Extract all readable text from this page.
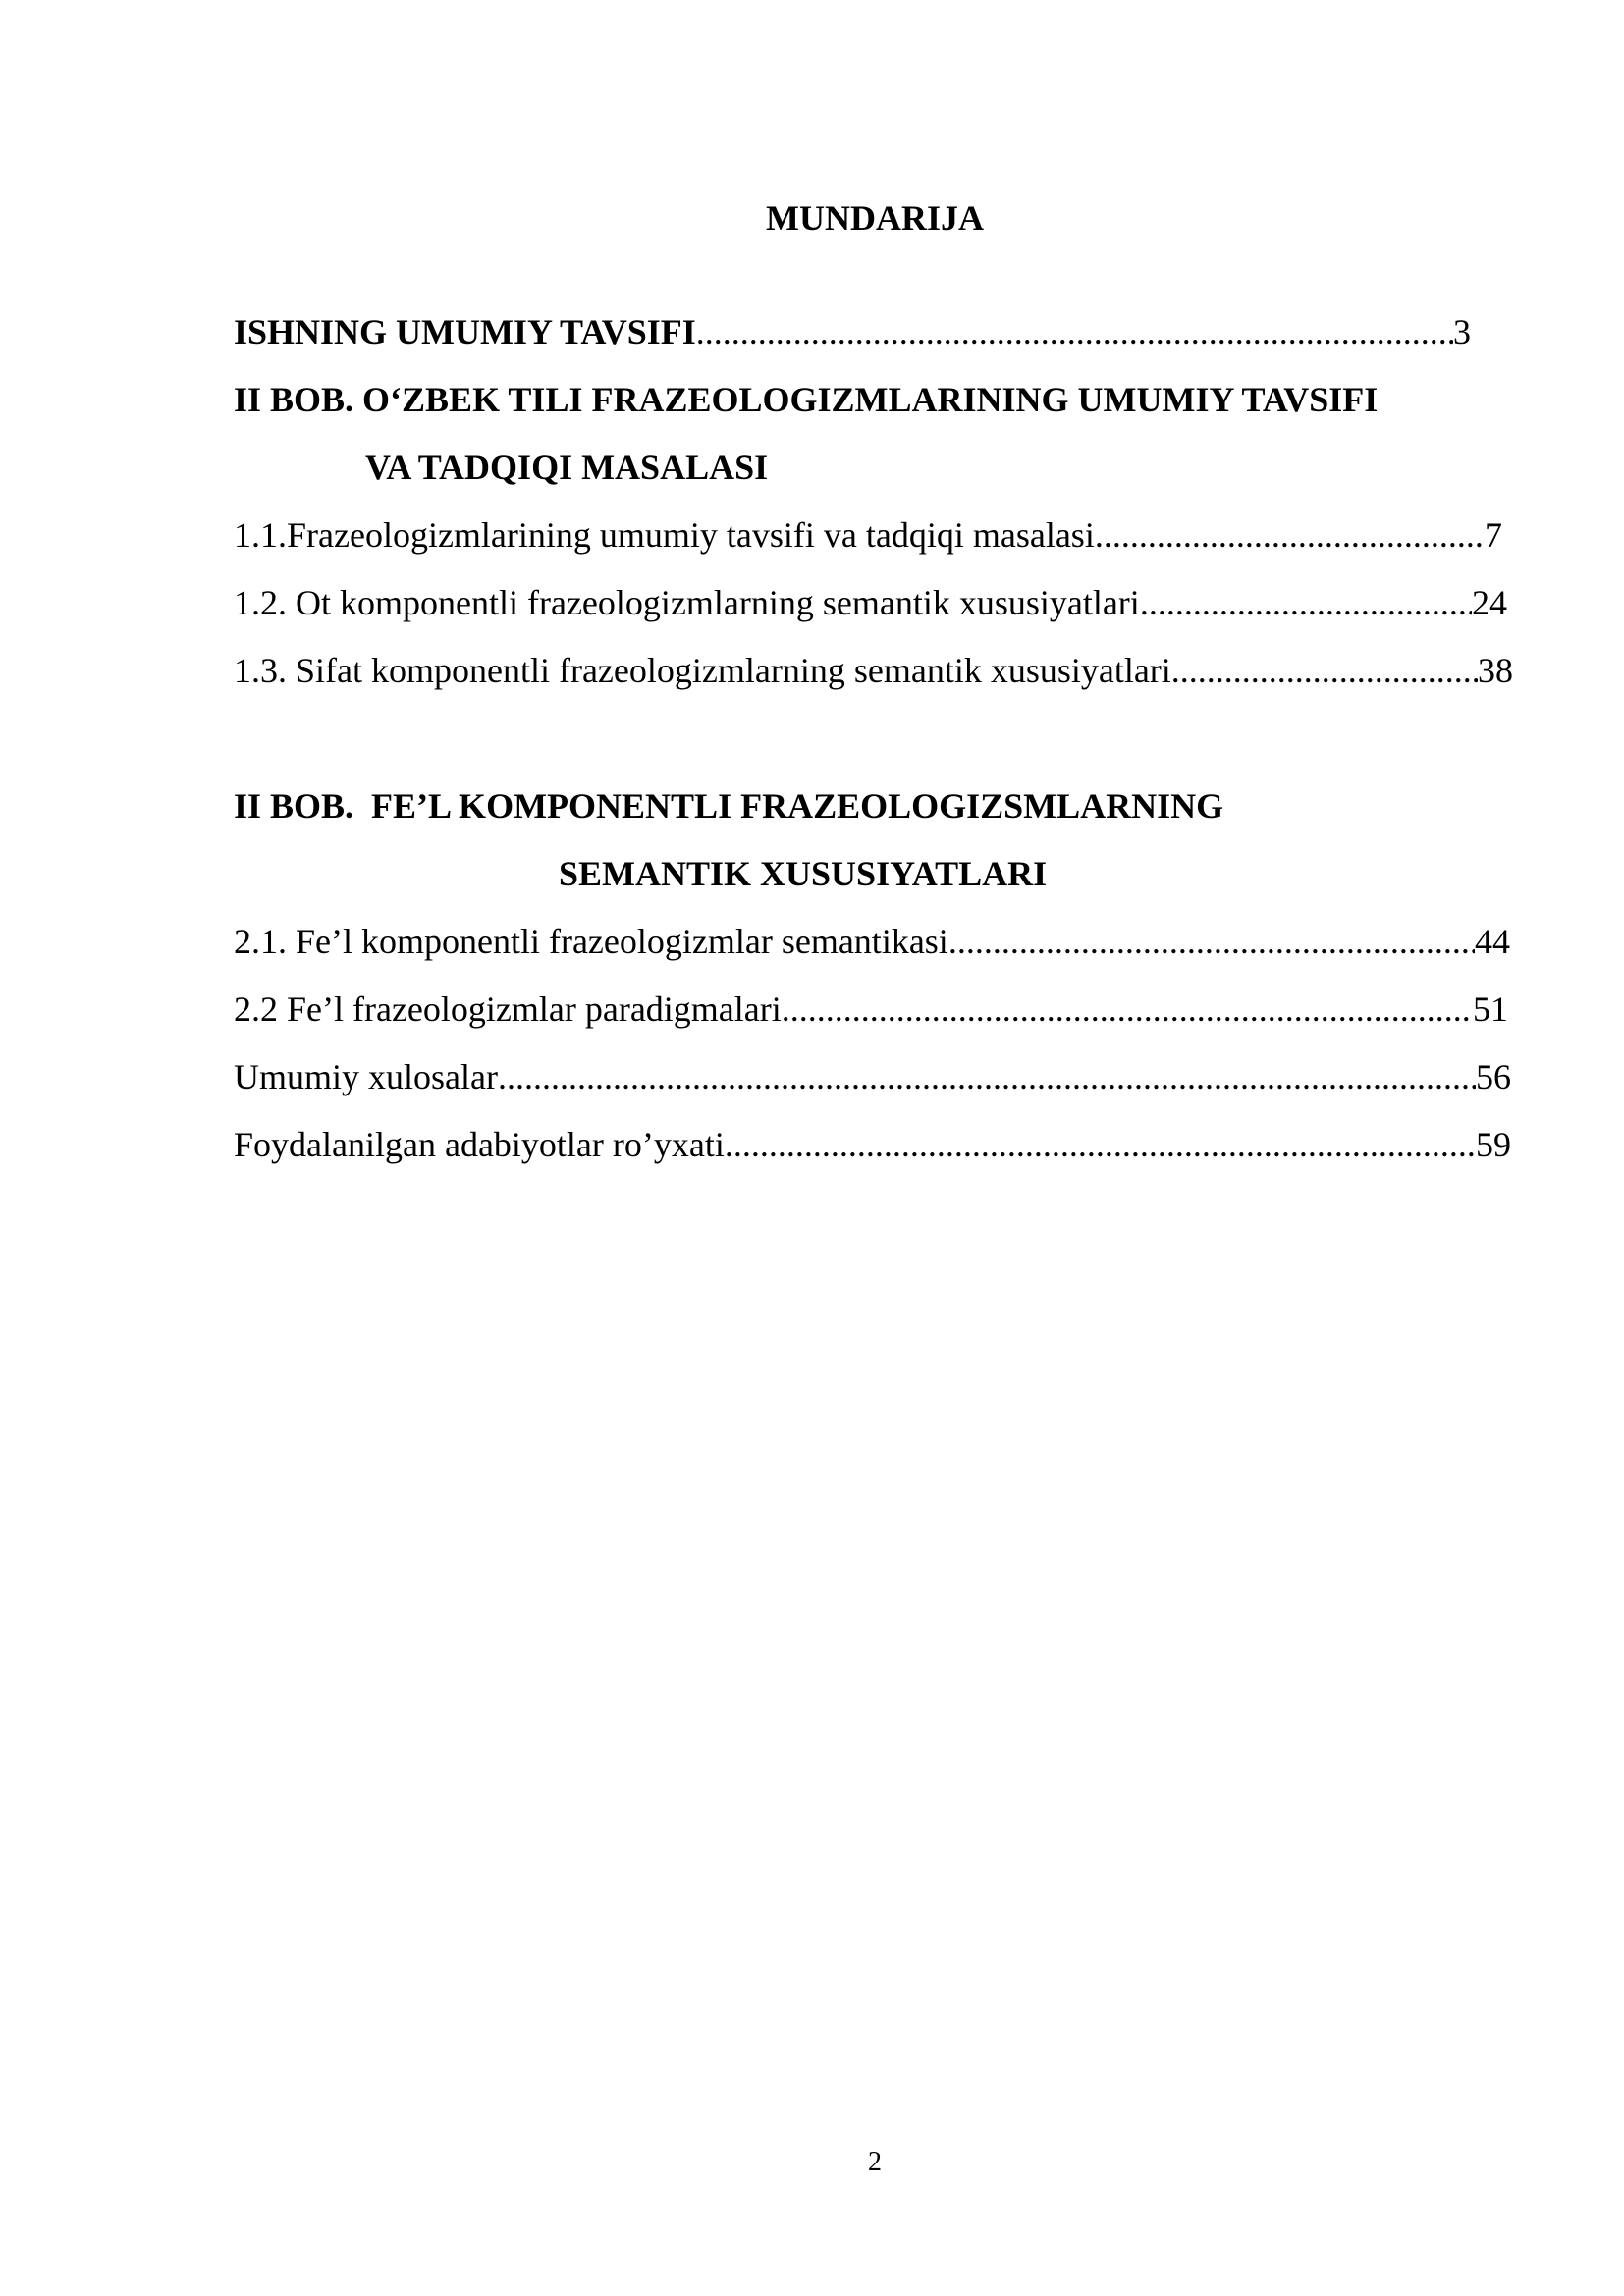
MUNDARIJA
ISHNING UMUMIY TAVSIFI .....	3
II BOB. O‘ZBEK TILI FRAZEOLOGIZMLARINING UMUMIY TAVSIFI
VA TADQIQI MASALASI
1.1.Frazeologizmlarining umumiy tavsifi va tadqiqi masalasi .....	7
1.2. Ot komponentli frazeologizmlarning semantik xususiyatlari .....	24
1.3. Sifat komponentli frazeologizmlarning semantik xususiyatlari .....	38
II BOB.  FE’L KOMPONENTLI FRAZEOLOGIZSMLARNING
SEMANTIK XUSUSIYATLARI
2.1. Fe’l komponentli frazeologizmlar semantikasi .....	44
2.2 Fe’l frazeologizmlar paradigmalari .....	51
Umumiy xulosalar .....	56
Foydalanilgan adabiyotlar ro’yxati .....	59
2
